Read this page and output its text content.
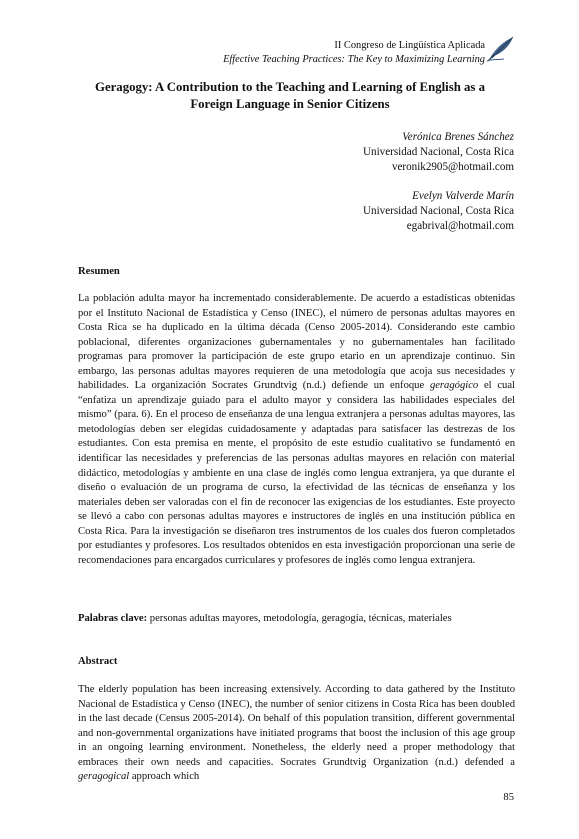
II Congreso de Lingüística Aplicada
Effective Teaching Practices: The Key to Maximizing Learning
Geragogy: A Contribution to the Teaching and Learning of English as a
Foreign Language in Senior Citizens
Verónica Brenes Sánchez
Universidad Nacional, Costa Rica
veronik2905@hotmail.com
Evelyn Valverde Marín
Universidad Nacional, Costa Rica
egabrival@hotmail.com
Resumen
La población adulta mayor ha incrementado considerablemente. De acuerdo a estadísticas obtenidas por el Instituto Nacional de Estadística y Censo (INEC), el número de personas adultas mayores en Costa Rica se ha duplicado en la última década (Censo 2005-2014). Considerando este cambio poblacional, diferentes organizaciones gubernamentales y no gubernamentales han facilitado programas para promover la participación de este grupo etario en un aprendizaje continuo. Sin embargo, las personas adultas mayores requieren de una metodología que acoja sus necesidades y habilidades. La organización Socrates Grundtvig (n.d.) defiende un enfoque geragógico el cual “enfatiza un aprendizaje guiado para el adulto mayor y considera las habilidades especiales del mismo” (para. 6). En el proceso de enseñanza de una lengua extranjera a personas adultas mayores, las metodologías deben ser elegidas cuidadosamente y adaptadas para satisfacer las destrezas de los estudiantes. Con esta premisa en mente, el propósito de este estudio cualitativo se fundamentó en identificar las necesidades y preferencias de las personas adultas mayores en relación con material didáctico, metodologías y ambiente en una clase de inglés como lengua extranjera, ya que durante el diseño o evaluación de un programa de curso, la efectividad de las técnicas de enseñanza y los materiales deben ser valoradas con el fin de reconocer las exigencias de los estudiantes. Este proyecto se llevó a cabo con personas adultas mayores e instructores de inglés en una institución pública en Costa Rica. Para la investigación se diseñaron tres instrumentos de los cuales dos fueron completados por estudiantes y profesores. Los resultados obtenidos en esta investigación proporcionan una serie de recomendaciones para encargados curriculares y profesores de inglés como lengua extranjera.
Palabras clave: personas adultas mayores, metodología, geragogía, técnicas, materiales
Abstract
The elderly population has been increasing extensively. According to data gathered by the Instituto Nacional de Estadística y Censo (INEC), the number of senior citizens in Costa Rica has been doubled in the last decade (Census 2005-2014). On behalf of this population transition, different governmental and non-governmental organizations have initiated programs that boost the inclusion of this age group in an ongoing learning environment. Nonetheless, the elderly need a proper methodology that embraces their own needs and capacities. Socrates Grundtvig Organization (n.d.) defended a geragogical approach which
85
